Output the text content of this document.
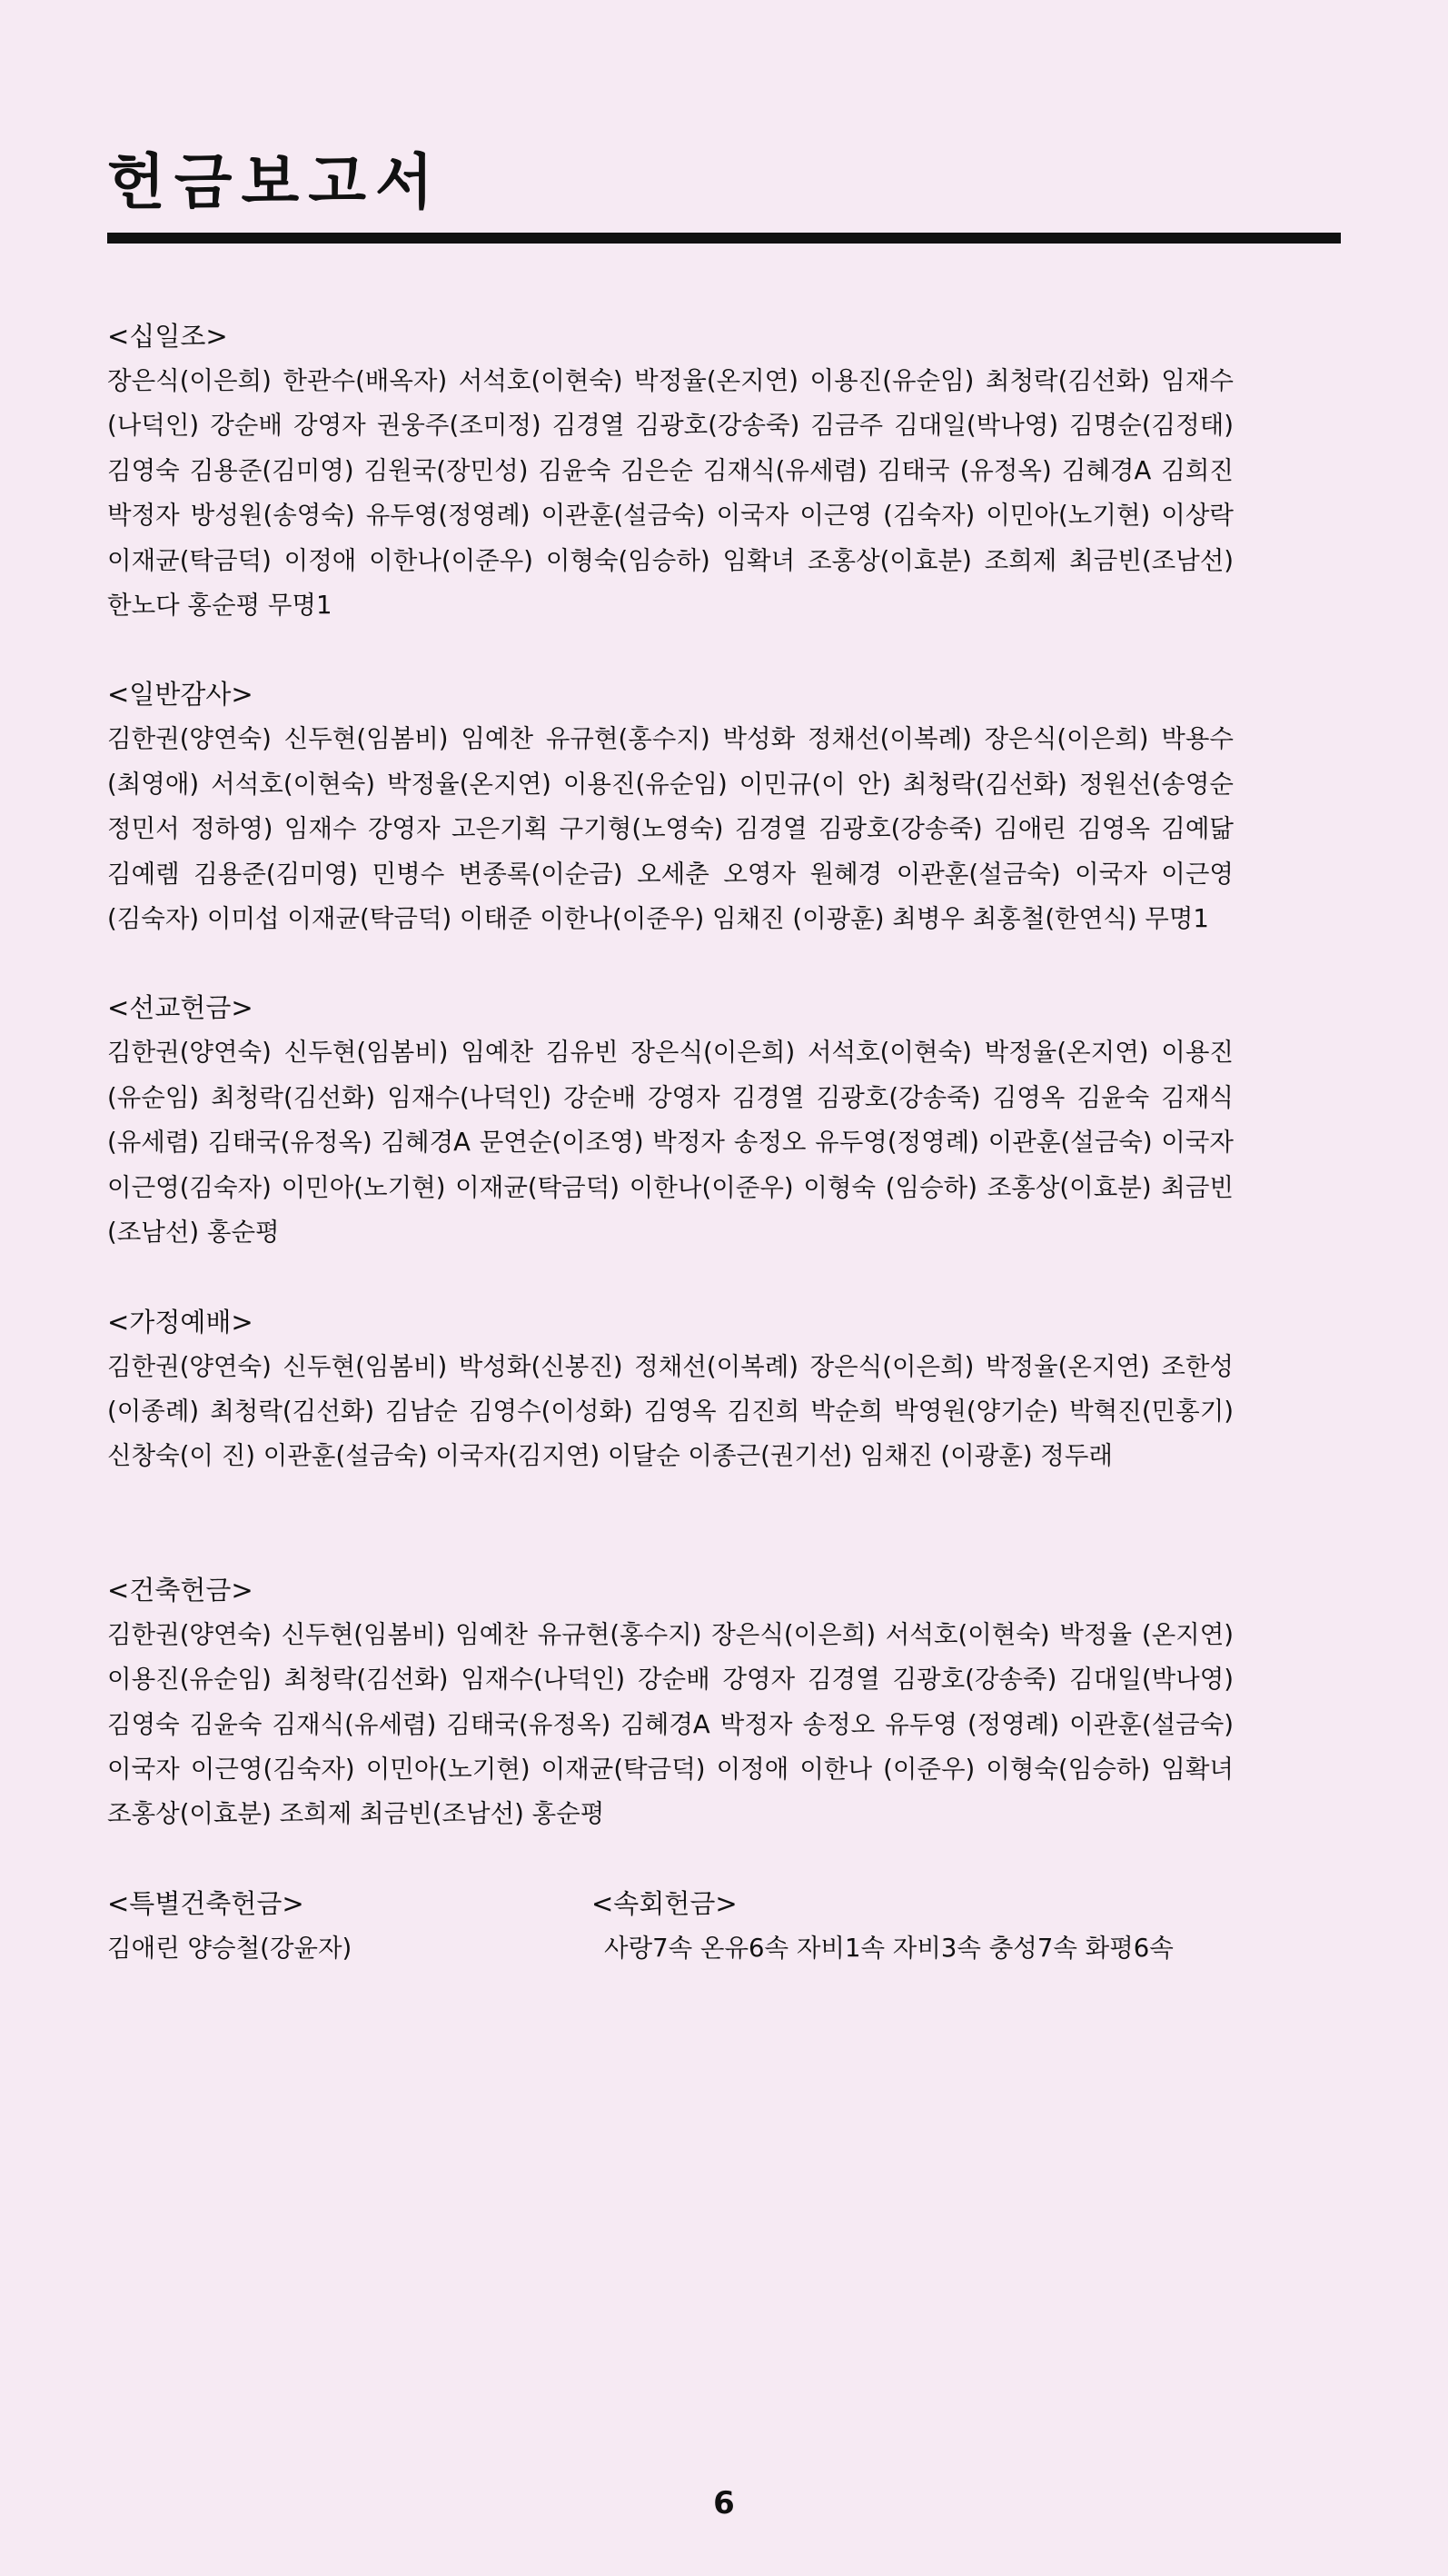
헌금보고서
<십일조>
장은식(이은희) 한관수(배옥자) 서석호(이현숙) 박정율(온지연) 이용진(유순임) 최청락(김선화) 임재수(나덕인) 강순배 강영자 권웅주(조미정) 김경열 김광호(강송죽) 김금주 김대일(박나영) 김명순(김정태) 김영숙 김용준(김미영) 김원국(장민성) 김윤숙 김은순 김재식(유세렴) 김태국 (유정옥) 김혜경A 김희진 박정자 방성원(송영숙) 유두영(정영례) 이관훈(설금숙) 이국자 이근영 (김숙자) 이민아(노기현) 이상락 이재균(탁금덕) 이정애 이한나(이준우) 이형숙(임승하) 임확녀 조홍상(이효분) 조희제 최금빈(조남선) 한노다 홍순평 무명1
<일반감사>
김한권(양연숙) 신두현(임봄비) 임예찬 유규현(홍수지) 박성화 정채선(이복례) 장은식(이은희) 박용수(최영애) 서석호(이현숙) 박정율(온지연) 이용진(유순임) 이민규(이 안) 최청락(김선화) 정원선(송영순 정민서 정하영) 임재수 강영자 고은기획 구기형(노영숙) 김경열 김광호(강송죽) 김애린 김영옥 김예닮 김예렘 김용준(김미영) 민병수 변종록(이순금) 오세춘 오영자 원혜경 이관훈(설금숙) 이국자 이근영(김숙자) 이미섭 이재균(탁금덕) 이태준 이한나(이준우) 임채진 (이광훈) 최병우 최홍철(한연식) 무명1
<선교헌금>
김한권(양연숙) 신두현(임봄비) 임예찬 김유빈 장은식(이은희) 서석호(이현숙) 박정율(온지연) 이용진(유순임) 최청락(김선화) 임재수(나덕인) 강순배 강영자 김경열 김광호(강송죽) 김영옥 김윤숙 김재식(유세렴) 김태국(유정옥) 김혜경A 문연순(이조영) 박정자 송정오 유두영(정영례) 이관훈(설금숙) 이국자 이근영(김숙자) 이민아(노기현) 이재균(탁금덕) 이한나(이준우) 이형숙 (임승하) 조홍상(이효분) 최금빈(조남선) 홍순평
<가정예배>
김한권(양연숙) 신두현(임봄비) 박성화(신봉진) 정채선(이복례) 장은식(이은희) 박정율(온지연) 조한성(이종례) 최청락(김선화) 김남순 김영수(이성화) 김영옥 김진희 박순희 박영원(양기순) 박혁진(민홍기) 신창숙(이 진) 이관훈(설금숙) 이국자(김지연) 이달순 이종근(권기선) 임채진 (이광훈) 정두래
<건축헌금>
김한권(양연숙) 신두현(임봄비) 임예찬 유규현(홍수지) 장은식(이은희) 서석호(이현숙) 박정율 (온지연) 이용진(유순임) 최청락(김선화) 임재수(나덕인) 강순배 강영자 김경열 김광호(강송죽) 김대일(박나영) 김영숙 김윤숙 김재식(유세렴) 김태국(유정옥) 김혜경A 박정자 송정오 유두영 (정영례) 이관훈(설금숙) 이국자 이근영(김숙자) 이민아(노기현) 이재균(탁금덕) 이정애 이한나 (이준우) 이형숙(임승하) 임확녀 조홍상(이효분) 조희제 최금빈(조남선) 홍순평
<특별건축헌금>
김애린 양승철(강윤자)
<속회헌금>
사랑7속 온유6속 자비1속 자비3속 충성7속 화평6속
6
